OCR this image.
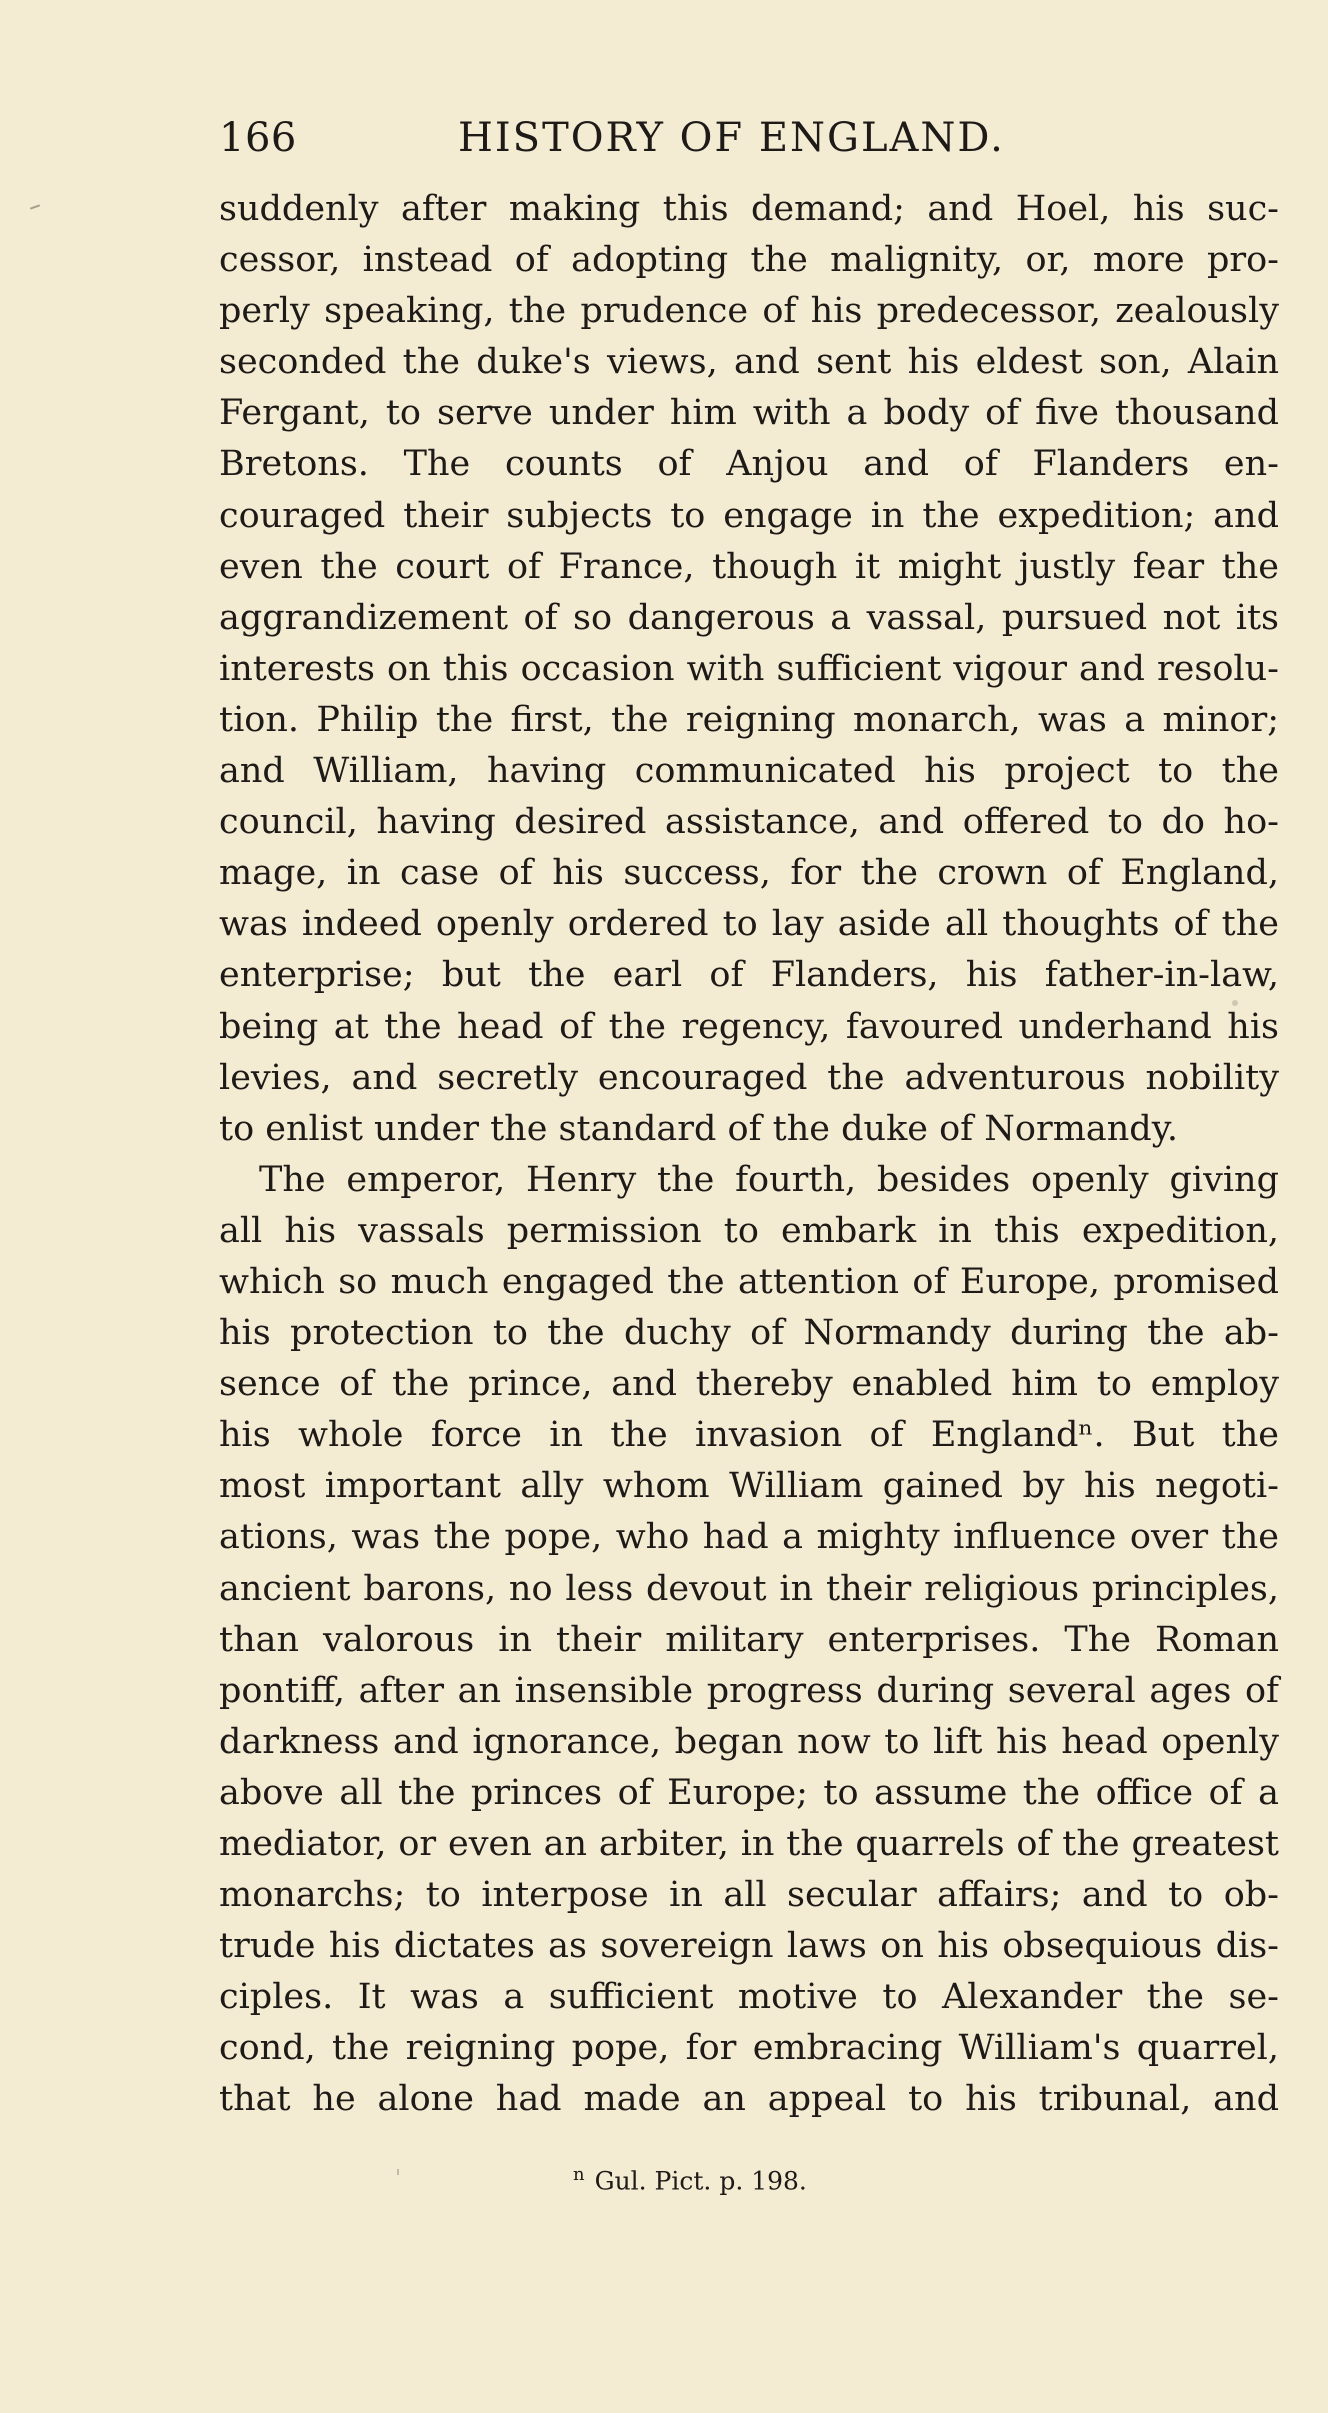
166	HISTORY OF ENGLAND.
suddenly after making this demand; and Hoel, his suc-
cessor, instead of adopting the malignity, or, more pro-
perly speaking, the prudence of his predecessor, zealously
seconded the duke's views, and sent his eldest son, Alain
Fergant, to serve under him with a body of five thousand
Bretons. The counts of Anjou and of Flanders en-
couraged their subjects to engage in the expedition; and
even the court of France, though it might justly fear the
aggrandizement of so dangerous a vassal, pursued not its
interests on this occasion with sufficient vigour and resolu-
tion. Philip the first, the reigning monarch, was a minor;
and William, having communicated his project to the
council, having desired assistance, and offered to do ho-
mage, in case of his success, for the crown of England,
was indeed openly ordered to lay aside all thoughts of the
enterprise; but the earl of Flanders, his father-in-law,
being at the head of the regency, favoured underhand his
levies, and secretly encouraged the adventurous nobility
to enlist under the standard of the duke of Normandy.
The emperor, Henry the fourth, besides openly giving
all his vassals permission to embark in this expedition,
which so much engaged the attention of Europe, promised
his protection to the duchy of Normandy during the ab-
sence of the prince, and thereby enabled him to employ
his whole force in the invasion of Englandⁿ. But the
most important ally whom William gained by his negoti-
ations, was the pope, who had a mighty influence over the
ancient barons, no less devout in their religious principles,
than valorous in their military enterprises. The Roman
pontiff, after an insensible progress during several ages of
darkness and ignorance, began now to lift his head openly
above all the princes of Europe; to assume the office of a
mediator, or even an arbiter, in the quarrels of the greatest
monarchs; to interpose in all secular affairs; and to ob-
trude his dictates as sovereign laws on his obsequious dis-
ciples. It was a sufficient motive to Alexander the se-
cond, the reigning pope, for embracing William's quarrel,
that he alone had made an appeal to his tribunal, and
$^n$ Gul. Pict. p. 198.
